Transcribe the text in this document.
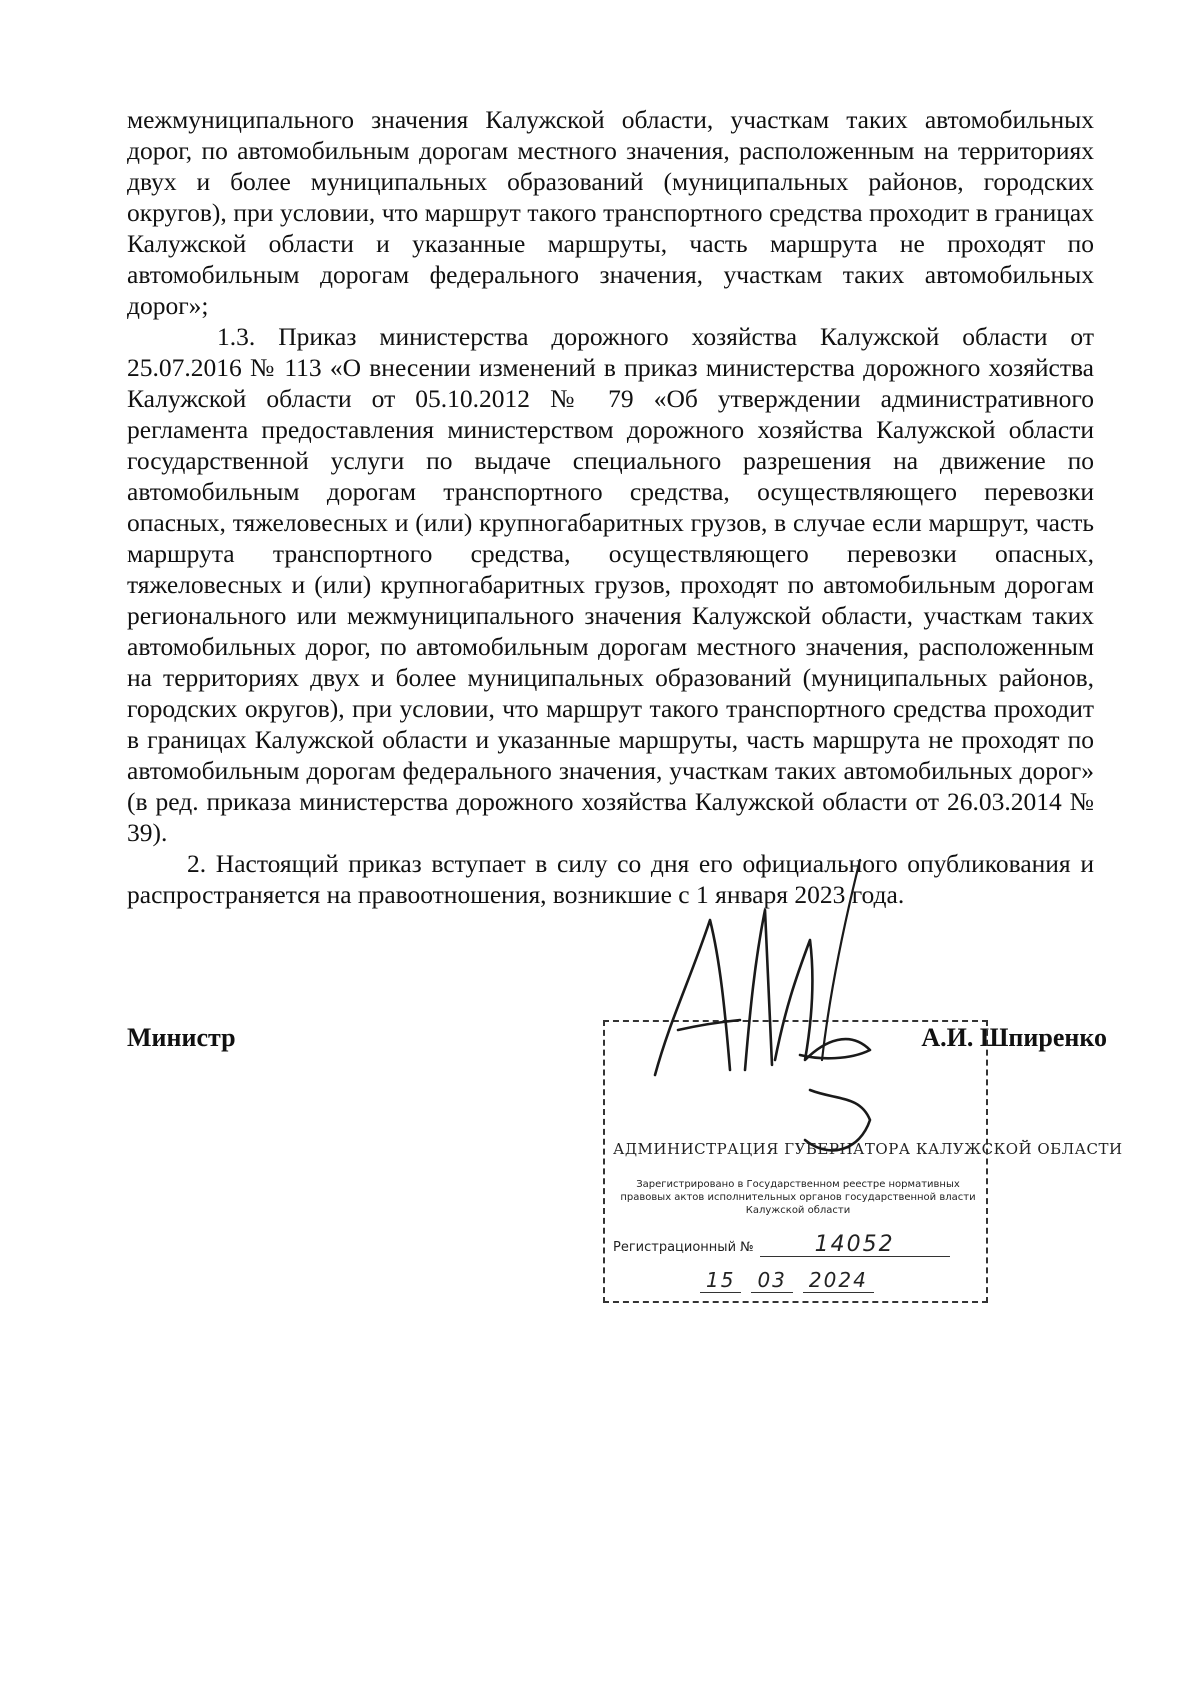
межмуниципального значения Калужской области, участкам таких автомобильных дорог, по автомобильным дорогам местного значения, расположенным на территориях двух и более муниципальных образований (муниципальных районов, городских округов), при условии, что маршрут такого транспортного средства проходит в границах Калужской области и указанные маршруты, часть маршрута не проходят по автомобильным дорогам федерального значения, участкам таких автомобильных дорог»;

1.3. Приказ министерства дорожного хозяйства Калужской области от 25.07.2016 № 113 «О внесении изменений в приказ министерства дорожного хозяйства Калужской области от 05.10.2012 № 79 «Об утверждении административного регламента предоставления министерством дорожного хозяйства Калужской области государственной услуги по выдаче специального разрешения на движение по автомобильным дорогам транспортного средства, осуществляющего перевозки опасных, тяжеловесных и (или) крупногабаритных грузов, в случае если маршрут, часть маршрута транспортного средства, осуществляющего перевозки опасных, тяжеловесных и (или) крупногабаритных грузов, проходят по автомобильным дорогам регионального или межмуниципального значения Калужской области, участкам таких автомобильных дорог, по автомобильным дорогам местного значения, расположенным на территориях двух и более муниципальных образований (муниципальных районов, городских округов), при условии, что маршрут такого транспортного средства проходит в границах Калужской области и указанные маршруты, часть маршрута не проходят по автомобильным дорогам федерального значения, участкам таких автомобильных дорог» (в ред. приказа министерства дорожного хозяйства Калужской области от 26.03.2014 № 39).

2. Настоящий приказ вступает в силу со дня его официального опубликования и распространяется на правоотношения, возникшие с 1 января 2023 года.

Министр	А.И. Шпиренко
АДМИНИСТРАЦИЯ ГУБЕРНАТОРА КАЛУЖСКОЙ ОБЛАСТИ
Зарегистрировано в Государственном реестре нормативных правовых актов исполнительных органов государственной власти Калужской области
Регистрационный №	14052
15 03 2024
